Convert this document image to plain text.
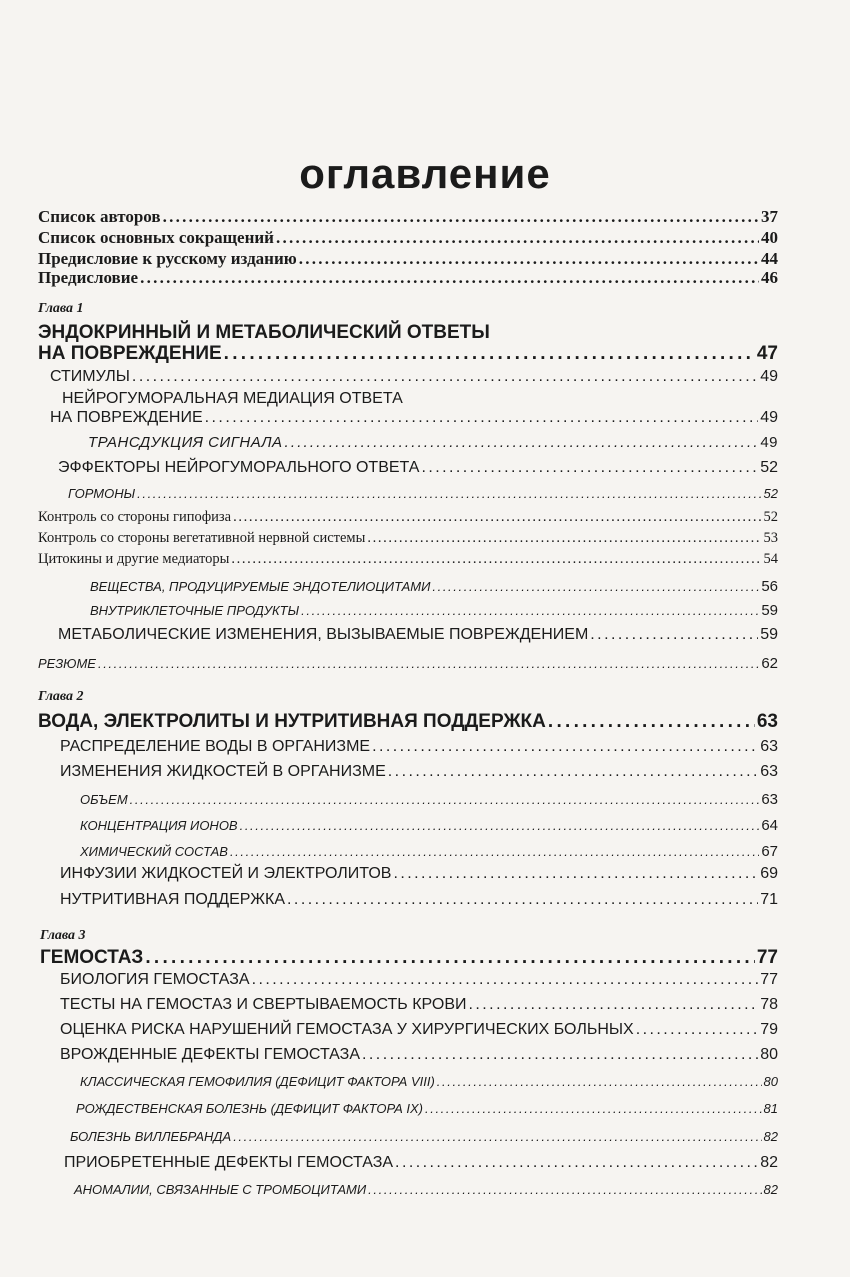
оглавление
Список авторов . . .	37
Список основных сокращений . . .	40
Предисловие к русскому изданию . . .	44
Предисловие . . .	46
Глава 1
ЭНДОКРИННЫЙ И МЕТАБОЛИЧЕСКИЙ ОТВЕТЫ
НА ПОВРЕЖДЕНИЕ . . .	47
СТИМУЛЫ . . .	49
НЕЙРОГУМОРАЛЬНАЯ МЕДИАЦИЯ ОТВЕТА
НА ПОВРЕЖДЕНИЕ . . .	49
ТРАНСДУКЦИЯ СИГНАЛА . . .	49
ЭФФЕКТОРЫ НЕЙРОГУМОРАЛЬНОГО ОТВЕТА . . .	52
ГОРМОНЫ . . .	52
Контроль со стороны гипофиза . . .	52
Контроль со стороны вегетативной нервной системы . . .	53
Цитокины и другие медиаторы . . .	54
ВЕЩЕСТВА, ПРОДУЦИРУЕМЫЕ ЭНДОТЕЛИОЦИТАМИ . . .	56
ВНУТРИКЛЕТОЧНЫЕ ПРОДУКТЫ . . .	59
МЕТАБОЛИЧЕСКИЕ ИЗМЕНЕНИЯ, ВЫЗЫВАЕМЫЕ ПОВРЕЖДЕНИЕМ . . .	59
РЕЗЮМЕ . . .	62
Глава 2
ВОДА, ЭЛЕКТРОЛИТЫ И НУТРИТИВНАЯ ПОДДЕРЖКА . . .	63
РАСПРЕДЕЛЕНИЕ ВОДЫ В ОРГАНИЗМЕ . . .	63
ИЗМЕНЕНИЯ ЖИДКОСТЕЙ В ОРГАНИЗМЕ . . .	63
ОБЪЕМ . . .	63
КОНЦЕНТРАЦИЯ ИОНОВ . . .	64
ХИМИЧЕСКИЙ СОСТАВ . . .	67
ИНФУЗИИ ЖИДКОСТЕЙ И ЭЛЕКТРОЛИТОВ . . .	69
НУТРИТИВНАЯ ПОДДЕРЖКА . . .	71
Глава 3
ГЕМОСТАЗ . . .	77
БИОЛОГИЯ ГЕМОСТАЗА . . .	77
ТЕСТЫ НА ГЕМОСТАЗ И СВЕРТЫВАЕМОСТЬ КРОВИ . . .	78
ОЦЕНКА РИСКА НАРУШЕНИЙ ГЕМОСТАЗА У ХИРУРГИЧЕСКИХ БОЛЬНЫХ . . .	79
ВРОЖДЕННЫЕ ДЕФЕКТЫ ГЕМОСТАЗА . . .	80
КЛАССИЧЕСКАЯ ГЕМОФИЛИЯ (ДЕФИЦИТ ФАКТОРА VIII) . . .	80
РОЖДЕСТВЕНСКАЯ БОЛЕЗНЬ (ДЕФИЦИТ ФАКТОРА IX) . . .	81
БОЛЕЗНЬ ВИЛЛЕБРАНДА . . .	82
ПРИОБРЕТЕННЫЕ ДЕФЕКТЫ ГЕМОСТАЗА . . .	82
АНОМАЛИИ, СВЯЗАННЫЕ С ТРОМБОЦИТАМИ . . .	82
